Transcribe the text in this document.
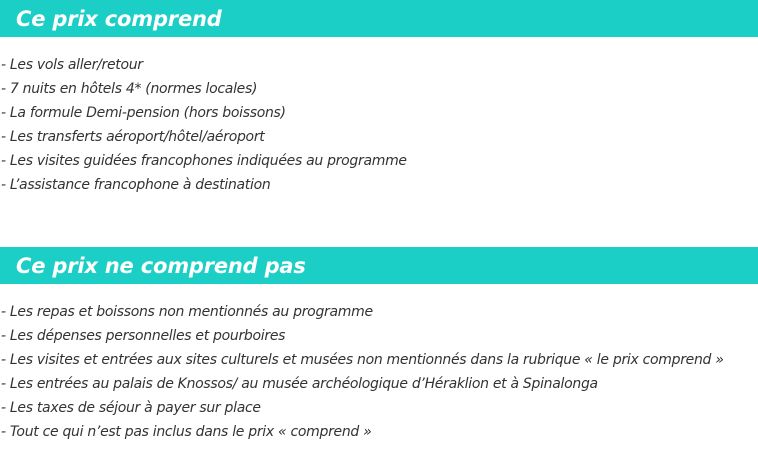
Ce prix comprend
- Les vols aller/retour
- 7 nuits en hôtels 4* (normes locales)
- La formule Demi-pension (hors boissons)
- Les transferts aéroport/hôtel/aéroport
- Les visites guidées francophones indiquées au programme
- L’assistance francophone à destination
Ce prix ne comprend pas
- Les repas et boissons non mentionnés au programme
- Les dépenses personnelles et pourboires
- Les visites et entrées aux sites culturels et musées non mentionnés dans la rubrique « le prix comprend »
- Les entrées au palais de Knossos/ au musée archéologique d’Héraklion et à Spinalonga
- Les taxes de séjour à payer sur place
- Tout ce qui n’est pas inclus dans le prix « comprend »
